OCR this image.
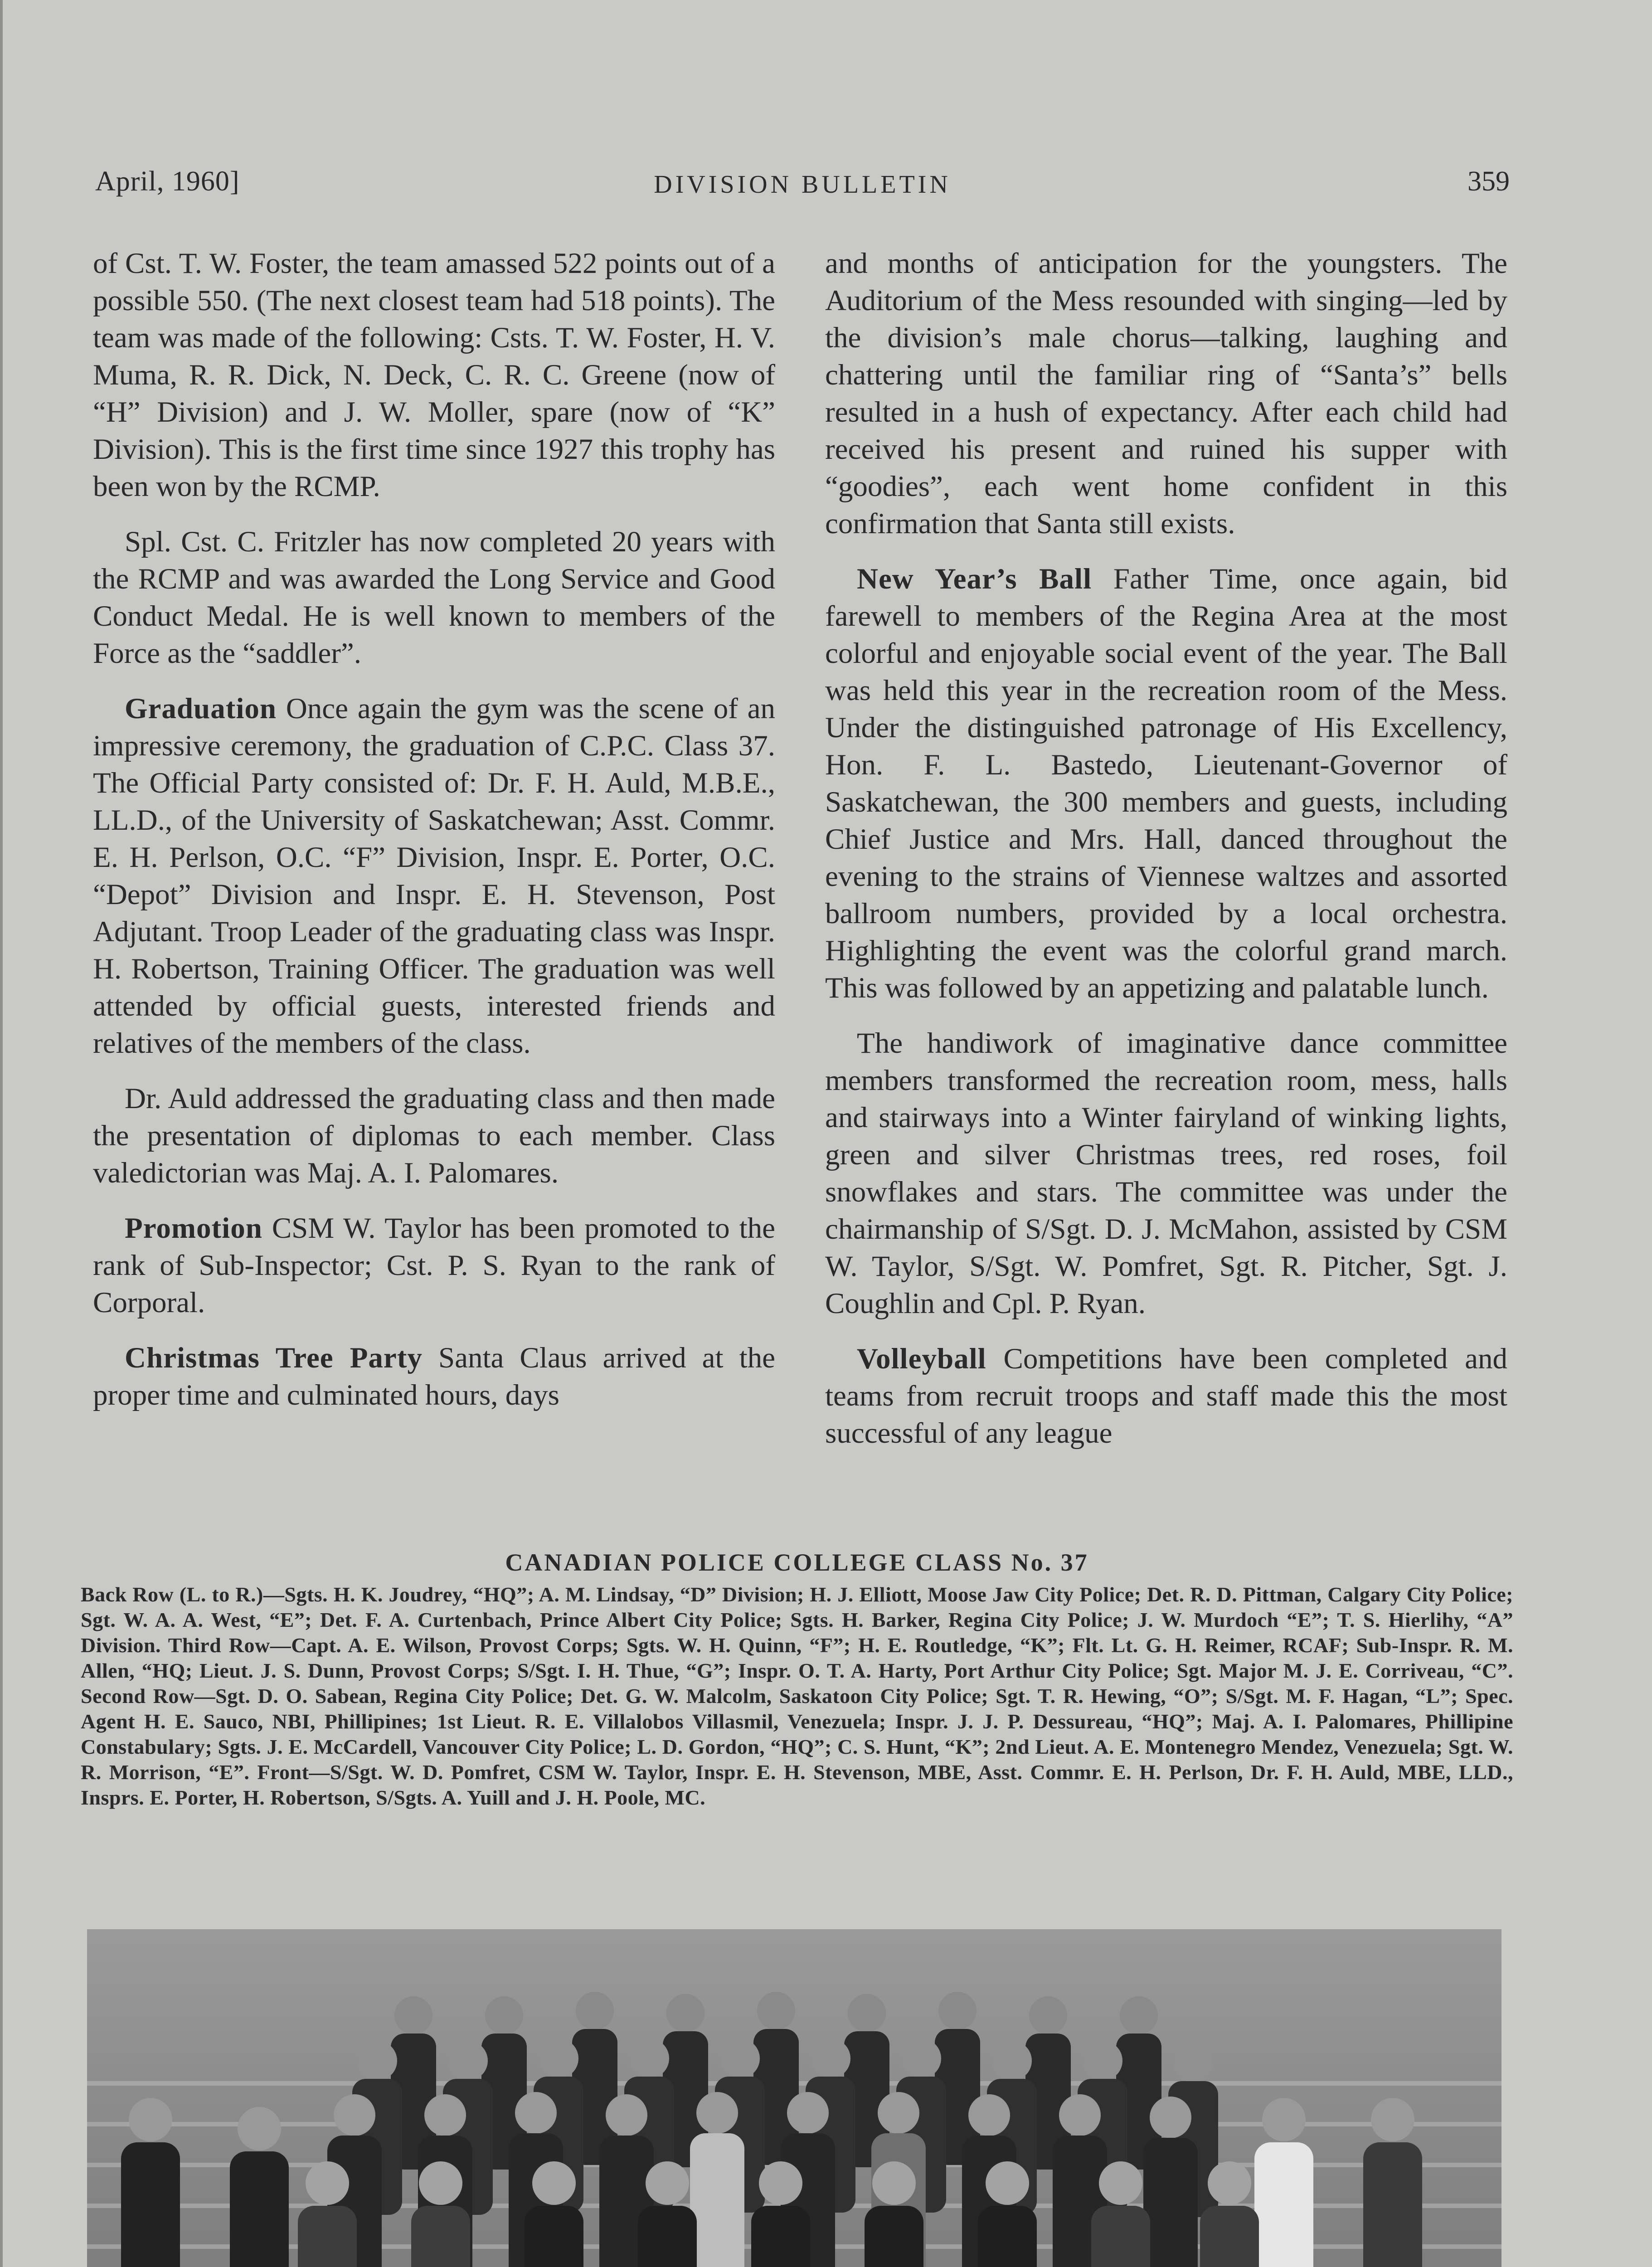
April, 1960]	DIVISION BULLETIN	359

of Cst. T. W. Foster, the team amassed 522 points out of a possible 550. (The next closest team had 518 points). The team was made of the following: Csts. T. W. Foster, H. V. Muma, R. R. Dick, N. Deck, C. R. C. Greene (now of “H” Division) and J. W. Moller, spare (now of “K” Division). This is the first time since 1927 this trophy has been won by the RCMP.

Spl. Cst. C. Fritzler has now completed 20 years with the RCMP and was awarded the Long Service and Good Conduct Medal. He is well known to members of the Force as the “saddler”.

Graduation Once again the gym was the scene of an impressive ceremony, the graduation of C.P.C. Class 37. The Official Party consisted of: Dr. F. H. Auld, M.B.E., LL.D., of the University of Saskatchewan; Asst. Commr. E. H. Perlson, O.C. “F” Division, Inspr. E. Porter, O.C. “Depot” Division and Inspr. E. H. Stevenson, Post Adjutant. Troop Leader of the graduating class was Inspr. H. Robertson, Training Officer. The graduation was well attended by official guests, interested friends and relatives of the members of the class.

Dr. Auld addressed the graduating class and then made the presentation of diplomas to each member. Class valedictorian was Maj. A. I. Palomares.

Promotion CSM W. Taylor has been promoted to the rank of Sub-Inspector; Cst. P. S. Ryan to the rank of Corporal.

Christmas Tree Party Santa Claus arrived at the proper time and culminated hours, days

and months of anticipation for the youngsters. The Auditorium of the Mess resounded with singing—led by the division’s male chorus—talking, laughing and chattering until the familiar ring of “Santa’s” bells resulted in a hush of expectancy. After each child had received his present and ruined his supper with “goodies”, each went home confident in this confirmation that Santa still exists.

New Year’s Ball Father Time, once again, bid farewell to members of the Regina Area at the most colorful and enjoyable social event of the year. The Ball was held this year in the recreation room of the Mess. Under the distinguished patronage of His Excellency, Hon. F. L. Bastedo, Lieutenant-Governor of Saskatchewan, the 300 members and guests, including Chief Justice and Mrs. Hall, danced throughout the evening to the strains of Viennese waltzes and assorted ballroom numbers, provided by a local orchestra. Highlighting the event was the colorful grand march. This was followed by an appetizing and palatable lunch.

The handiwork of imaginative dance committee members transformed the recreation room, mess, halls and stairways into a Winter fairyland of winking lights, green and silver Christmas trees, red roses, foil snowflakes and stars. The committee was under the chairmanship of S/Sgt. D. J. McMahon, assisted by CSM W. Taylor, S/Sgt. W. Pomfret, Sgt. R. Pitcher, Sgt. J. Coughlin and Cpl. P. Ryan.

Volleyball Competitions have been completed and teams from recruit troops and staff made this the most successful of any league

CANADIAN POLICE COLLEGE CLASS No. 37
Back Row (L. to R.)—Sgts. H. K. Joudrey, “HQ”; A. M. Lindsay, “D” Division; H. J. Elliott, Moose Jaw City Police; Det. R. D. Pittman, Calgary City Police; Sgt. W. A. A. West, “E”; Det. F. A. Curtenbach, Prince Albert City Police; Sgts. H. Barker, Regina City Police; J. W. Murdoch “E”; T. S. Hierlihy, “A” Division. Third Row—Capt. A. E. Wilson, Provost Corps; Sgts. W. H. Quinn, “F”; H. E. Routledge, “K”; Flt. Lt. G. H. Reimer, RCAF; Sub-Inspr. R. M. Allen, “HQ; Lieut. J. S. Dunn, Provost Corps; S/Sgt. I. H. Thue, “G”; Inspr. O. T. A. Harty, Port Arthur City Police; Sgt. Major M. J. E. Corriveau, “C”. Second Row—Sgt. D. O. Sabean, Regina City Police; Det. G. W. Malcolm, Saskatoon City Police; Sgt. T. R. Hewing, “O”; S/Sgt. M. F. Hagan, “L”; Spec. Agent H. E. Sauco, NBI, Phillipines; 1st Lieut. R. E. Villalobos Villasmil, Venezuela; Inspr. J. J. P. Dessureau, “HQ”; Maj. A. I. Palomares, Phillipine Constabulary; Sgts. J. E. McCardell, Vancouver City Police; L. D. Gordon, “HQ”; C. S. Hunt, “K”; 2nd Lieut. A. E. Montenegro Mendez, Venezuela; Sgt. W. R. Morrison, “E”. Front—S/Sgt. W. D. Pomfret, CSM W. Taylor, Inspr. E. H. Stevenson, MBE, Asst. Commr. E. H. Perlson, Dr. F. H. Auld, MBE, LLD., Insprs. E. Porter, H. Robertson, S/Sgts. A. Yuill and J. H. Poole, MC.
